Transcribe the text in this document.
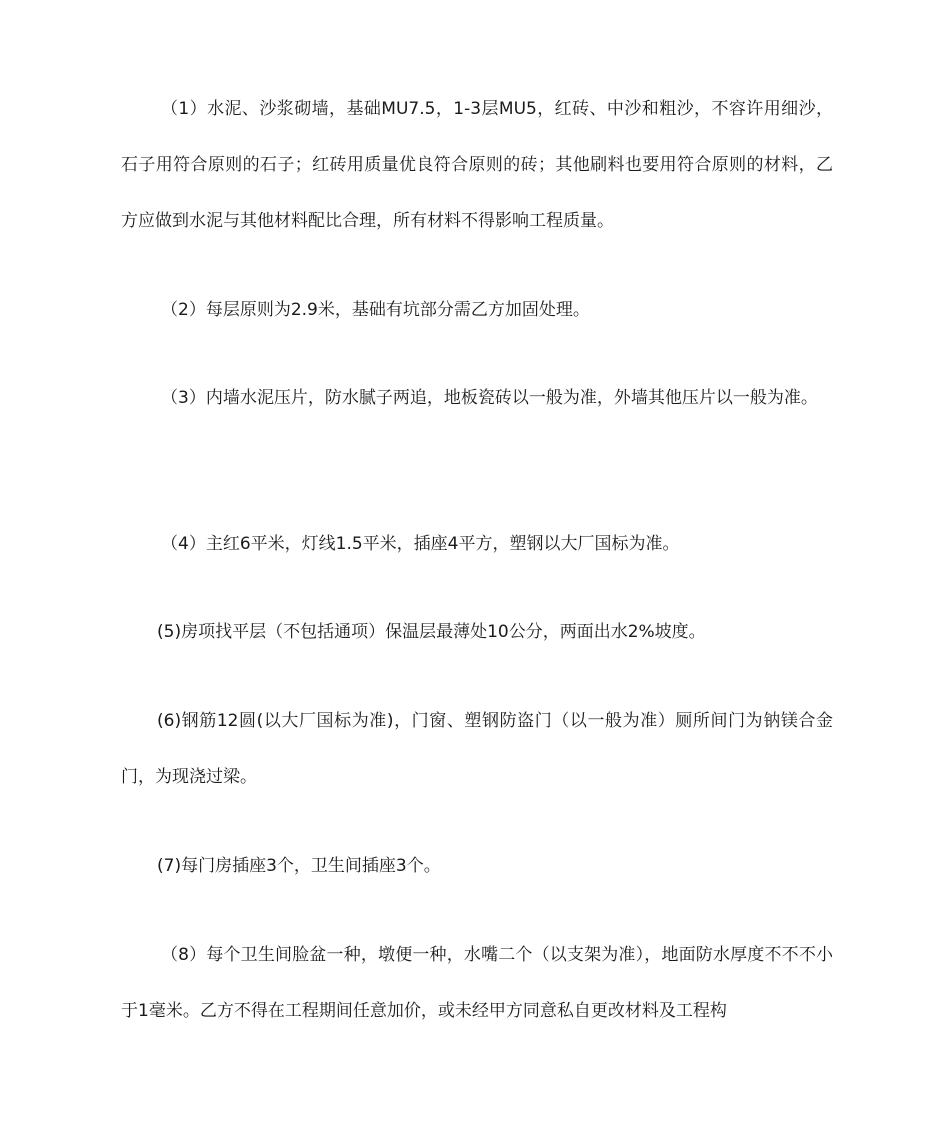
（1）水泥、沙浆砌墙，基础MU7.5，1-3层MU5，红砖、中沙和粗沙，不容许用细沙，石子用符合原则的石子；红砖用质量优良符合原则的砖；其他刷料也要用符合原则的材料，乙方应做到水泥与其他材料配比合理，所有材料不得影响工程质量。

（2）每层原则为2.9米，基础有坑部分需乙方加固处理。

（3）内墙水泥压片，防水腻子两追，地板瓷砖以一般为准，外墙其他压片以一般为准。

（4）主红6平米，灯线1.5平米，插座4平方，塑钢以大厂国标为准。

(5)房项找平层（不包括通项）保温层最薄处10公分，两面出水2%坡度。

(6)钢筋12圆(以大厂国标为准)，门窗、塑钢防盗门（以一般为准）厕所间门为钠镁合金门，为现浇过梁。

(7)每门房插座3个，卫生间插座3个。

（8）每个卫生间脸盆一种，墩便一种，水嘴二个（以支架为准），地面防水厚度不不不小于1毫米。乙方不得在工程期间任意加价，或未经甲方同意私自更改材料及工程构
